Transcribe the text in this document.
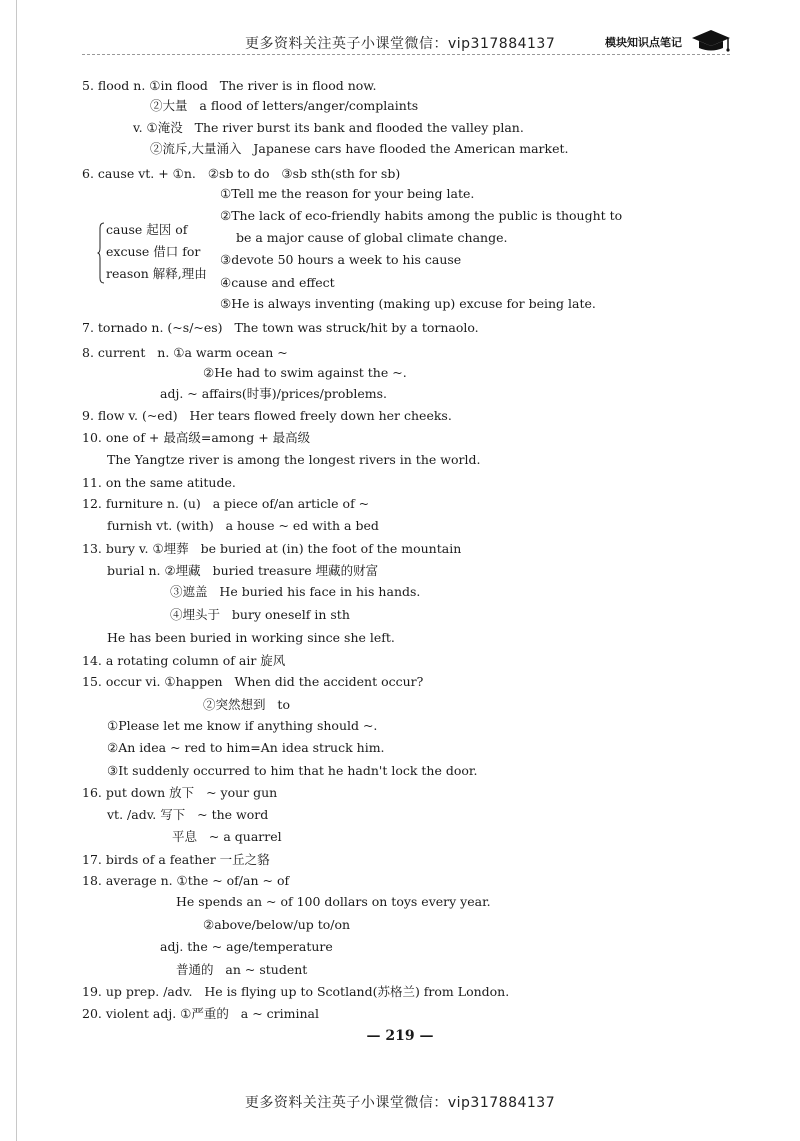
更多资料关注英子小课堂微信：vip317884137	模块知识点笔记
5. flood n. ①in flood   The river is in flood now.
②大量   a flood of letters/anger/complaints
v. ①淹没   The river burst its bank and flooded the valley plan.
②流斥,大量涌入   Japanese cars have flooded the American market.
6. cause vt. + ①n.   ②sb to do   ③sb sth(sth for sb)
①Tell me the reason for your being late.
②The lack of eco-friendly habits among the public is thought to
be a major cause of global climate change.
③devote 50 hours a week to his cause
④cause and effect
⑤He is always inventing (making up) excuse for being late.
cause 起因 of
excuse 借口 for
reason 解释,理由
7. tornado n. (~s/~es)   The town was struck/hit by a tornaolo.
8. current   n. ①a warm ocean ~
②He had to swim against the ~.
adj. ~ affairs(时事)/prices/problems.
9. flow v. (~ed)   Her tears flowed freely down her cheeks.
10. one of + 最高级=among + 最高级
The Yangtze river is among the longest rivers in the world.
11. on the same atitude.
12. furniture n. (u)   a piece of/an article of ~
furnish vt. (with)   a house ~ ed with a bed
13. bury v. ①埋葬   be buried at (in) the foot of the mountain
burial n. ②埋藏   buried treasure 埋藏的财富
③遮盖   He buried his face in his hands.
④埋头于   bury oneself in sth
He has been buried in working since she left.
14. a rotating column of air 旋风
15. occur vi. ①happen   When did the accident occur?
②突然想到   to
①Please let me know if anything should ~.
②An idea ~ red to him=An idea struck him.
③It suddenly occurred to him that he hadn't lock the door.
16. put down 放下   ~ your gun
vt. /adv. 写下   ~ the word
平息   ~ a quarrel
17. birds of a feather 一丘之貉
18. average n. ①the ~ of/an ~ of
He spends an ~ of 100 dollars on toys every year.
②above/below/up to/on
adj. the ~ age/temperature
普通的   an ~ student
19. up prep. /adv.   He is flying up to Scotland(苏格兰) from London.
20. violent adj. ①严重的   a ~ criminal
— 219 —
更多资料关注英子小课堂微信：vip317884137
